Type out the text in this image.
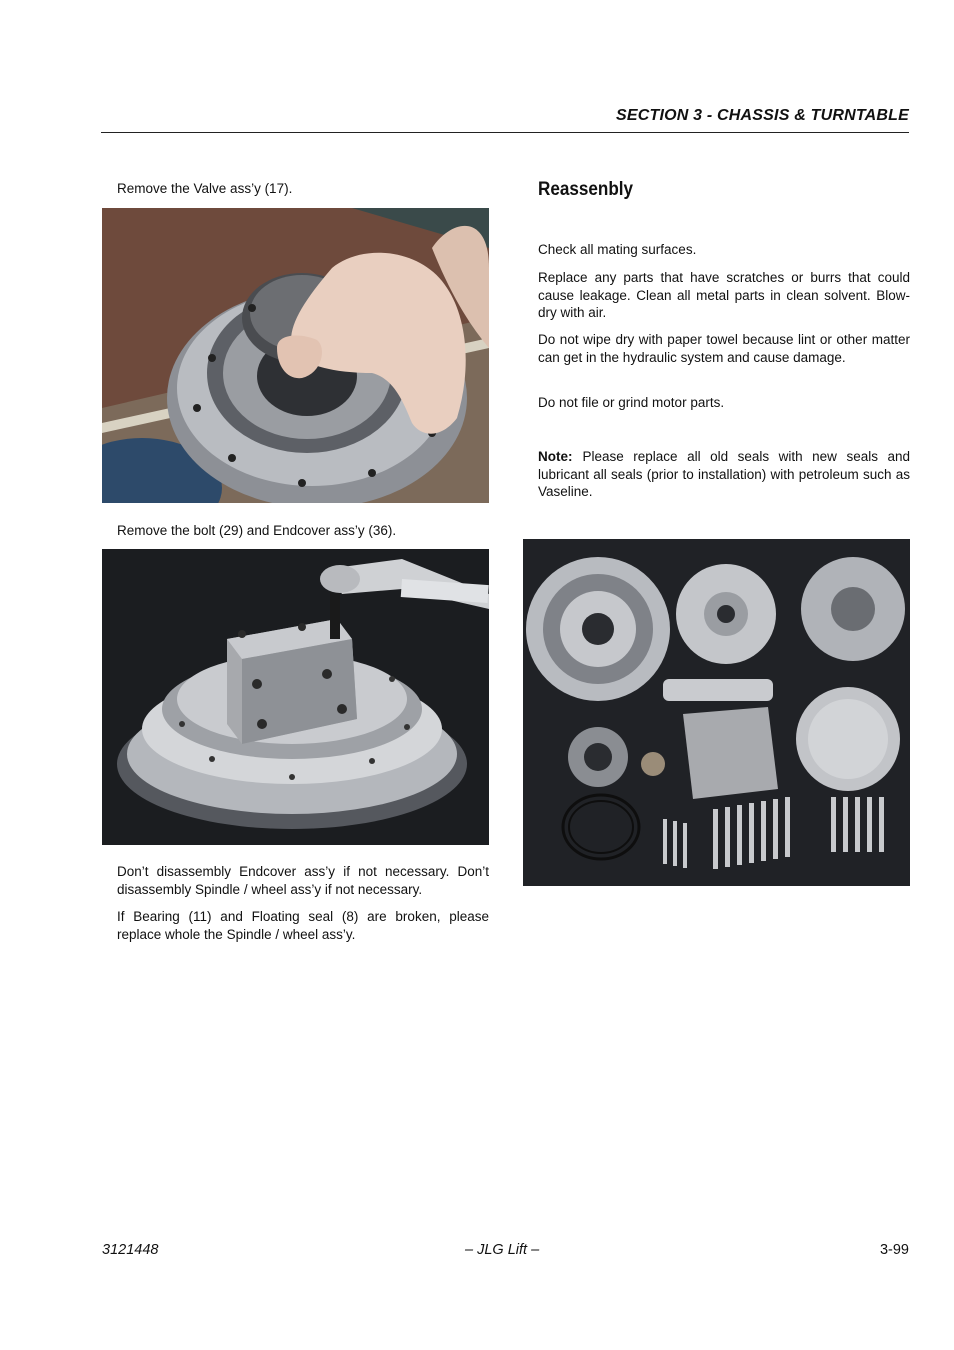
SECTION 3 - CHASSIS & TURNTABLE

Remove the Valve ass’y (17).

Remove the bolt (29) and Endcover ass’y (36).

Don’t disassembly Endcover ass’y if not necessary. Don’t disassembly Spindle / wheel ass’y if not necessary.

If Bearing (11) and Floating seal (8) are broken, please replace whole the Spindle / wheel ass’y.

Reassenbly

Check all mating surfaces.

Replace any parts that have scratches or burrs that could cause leakage. Clean all metal parts in clean solvent. Blow-dry with air.

Do not wipe dry with paper towel because lint or other matter can get in the hydraulic system and cause damage.

Do not file or grind motor parts.

Note: Please replace all old seals with new seals and lubricant all seals (prior to installation) with petroleum such as Vaseline.

3121448	– JLG Lift –	3-99
